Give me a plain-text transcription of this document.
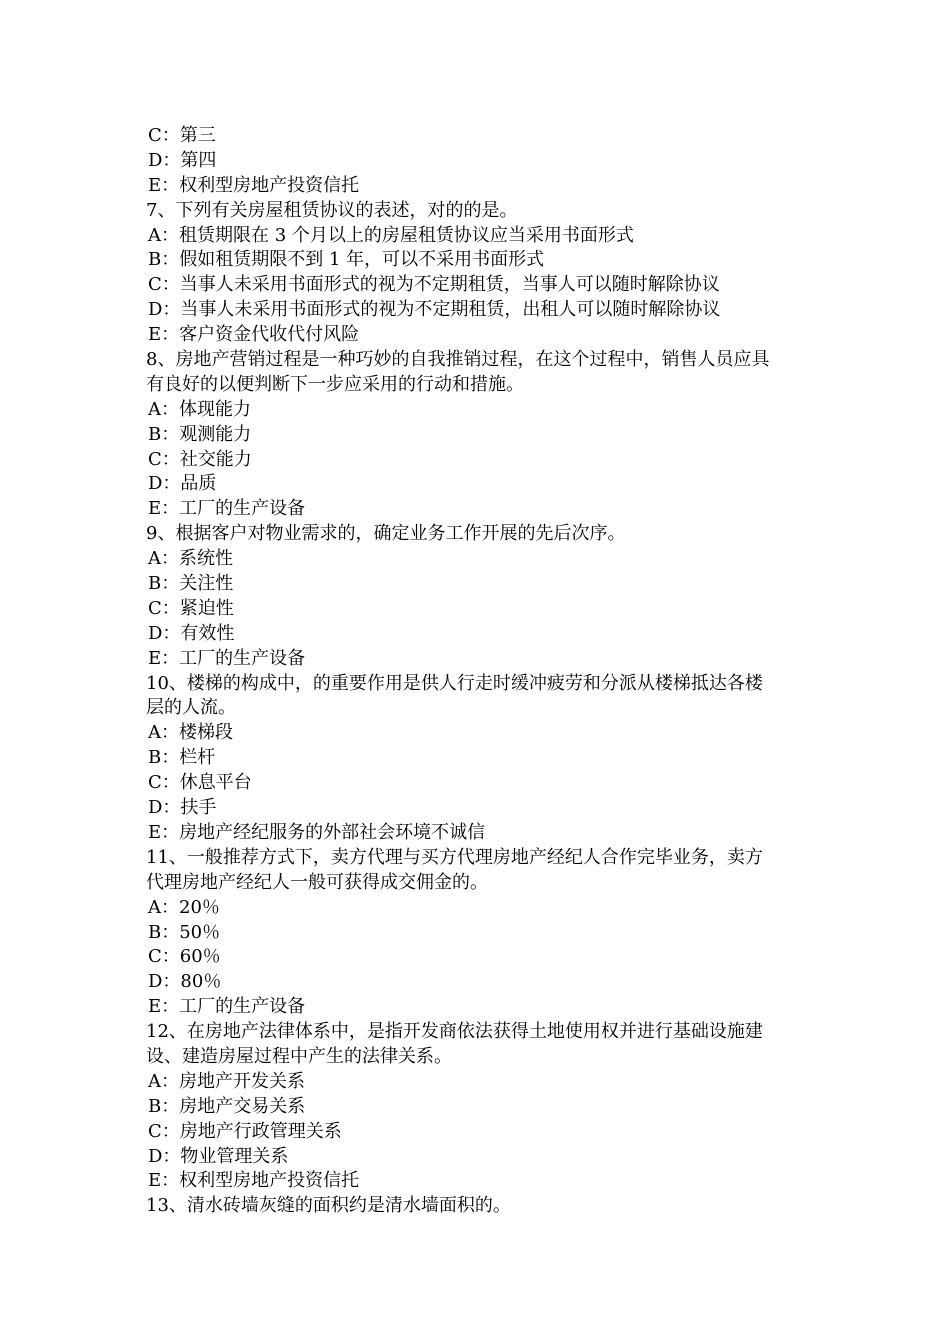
C：第三
D：第四
E：权利型房地产投资信托
7、下列有关房屋租赁协议的表述，对的的是。
A：租赁期限在 3 个月以上的房屋租赁协议应当采用书面形式
B：假如租赁期限不到 1 年，可以不采用书面形式
C：当事人未采用书面形式的视为不定期租赁，当事人可以随时解除协议
D：当事人未采用书面形式的视为不定期租赁，出租人可以随时解除协议
E：客户资金代收代付风险
8、房地产营销过程是一种巧妙的自我推销过程，在这个过程中，销售人员应具
有良好的以便判断下一步应采用的行动和措施。
A：体现能力
B：观测能力
C：社交能力
D：品质
E：工厂的生产设备
9、根据客户对物业需求的，确定业务工作开展的先后次序。
A：系统性
B：关注性
C：紧迫性
D：有效性
E：工厂的生产设备
10、楼梯的构成中，的重要作用是供人行走时缓冲疲劳和分派从楼梯抵达各楼
层的人流。
A：楼梯段
B：栏杆
C：休息平台
D：扶手
E：房地产经纪服务的外部社会环境不诚信
11、一般推荐方式下，卖方代理与买方代理房地产经纪人合作完毕业务，卖方
代理房地产经纪人一般可获得成交佣金的。
A：20％
B：50％
C：60％
D：80％
E：工厂的生产设备
12、在房地产法律体系中，是指开发商依法获得土地使用权并进行基础设施建
设、建造房屋过程中产生的法律关系。
A：房地产开发关系
B：房地产交易关系
C：房地产行政管理关系
D：物业管理关系
E：权利型房地产投资信托
13、清水砖墙灰缝的面积约是清水墙面积的。
